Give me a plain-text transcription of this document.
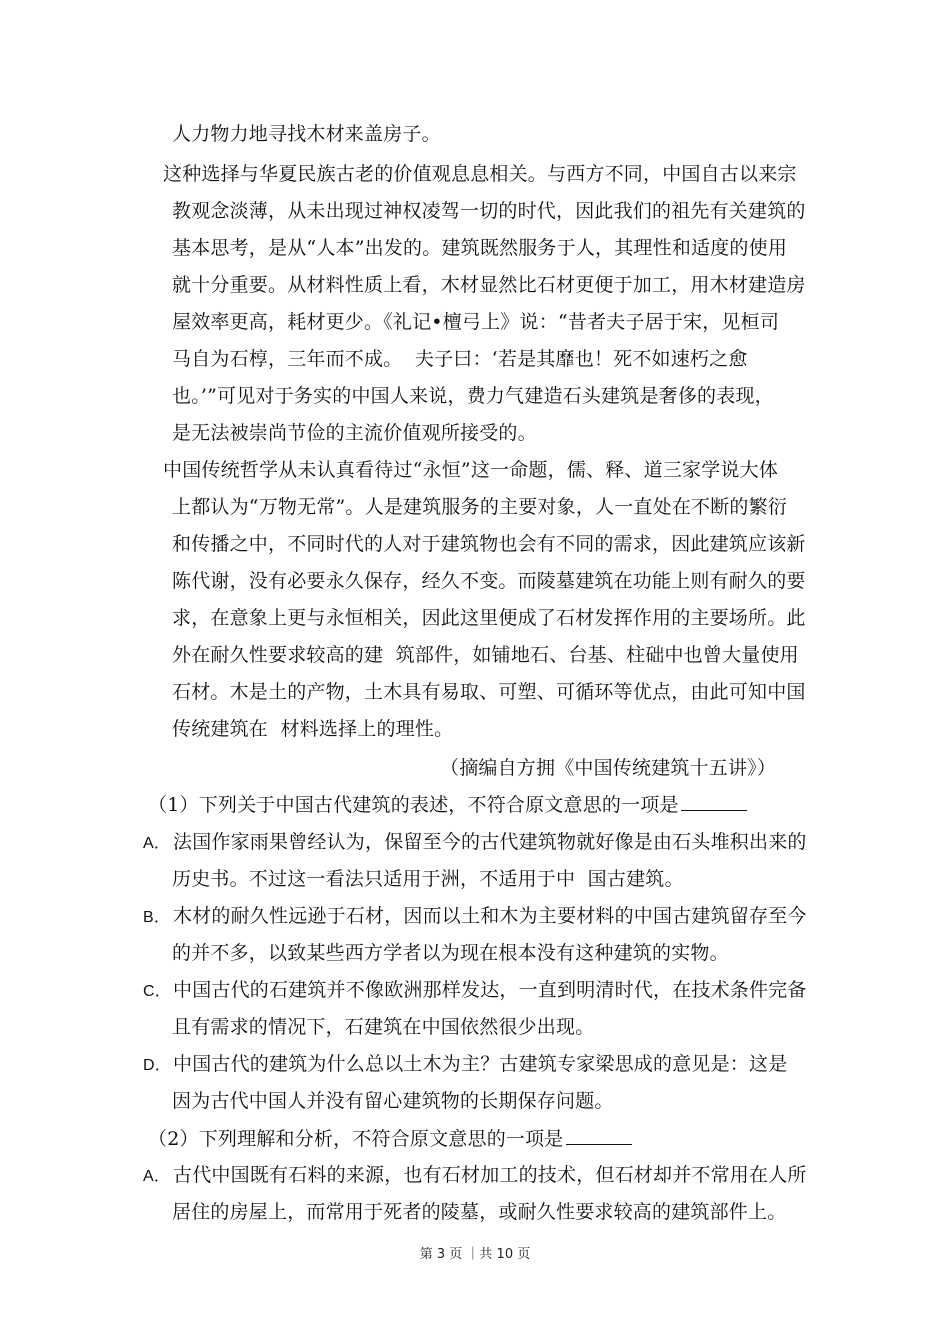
人力物力地寻找木材来盖房子。
这种选择与华夏民族古老的价值观息息相关。与西方不同，中国自古以来宗
教观念淡薄，从未出现过神权凌驾一切的时代，因此我们的祖先有关建筑的
基本思考，是从“人本”出发的。建筑既然服务于人，其理性和适度的使用
就十分重要。从材料性质上看，木材显然比石材更便于加工，用木材建造房
屋效率更高，耗材更少。《礼记•檀弓上》说：“昔者夫子居于宋，见桓司
马自为石椁，三年而不成。  夫子曰：‘若是其靡也！死不如速朽之愈
也。’”可见对于务实的中国人来说，费力气建造石头建筑是奢侈的表现，
是无法被崇尚节俭的主流价值观所接受的。
中国传统哲学从未认真看待过“永恒”这一命题，儒、释、道三家学说大体
上都认为“万物无常”。人是建筑服务的主要对象，人一直处在不断的繁衍
和传播之中，不同时代的人对于建筑物也会有不同的需求，因此建筑应该新
陈代谢，没有必要永久保存，经久不变。而陵墓建筑在功能上则有耐久的要
求，在意象上更与永恒相关，因此这里便成了石材发挥作用的主要场所。此
外在耐久性要求较高的建  筑部件，如铺地石、台基、柱础中也曾大量使用
石材。木是土的产物，土木具有易取、可塑、可循环等优点，由此可知中国
传统建筑在  材料选择上的理性。
（摘编自方拥《中国传统建筑十五讲》）
（1）下列关于中国古代建筑的表述，不符合原文意思的一项是
A． 法国作家雨果曾经认为，保留至今的古代建筑物就好像是由石头堆积出来的
历史书。不过这一看法只适用于洲，不适用于中  国古建筑。
B． 木材的耐久性远逊于石材，因而以土和木为主要材料的中国古建筑留存至今
的并不多，以致某些西方学者以为现在根本没有这种建筑的实物。
C． 中国古代的石建筑并不像欧洲那样发达，一直到明清时代，在技术条件完备
且有需求的情况下，石建筑在中国依然很少出现。
D． 中国古代的建筑为什么总以土木为主？古建筑专家梁思成的意见是：这是
因为古代中国人并没有留心建筑物的长期保存问题。
（2）下列理解和分析，不符合原文意思的一项是
A． 古代中国既有石料的来源，也有石材加工的技术，但石材却并不常用在人所
居住的房屋上，而常用于死者的陵墓，或耐久性要求较高的建筑部件上。
第 3 页 ｜共 10 页
